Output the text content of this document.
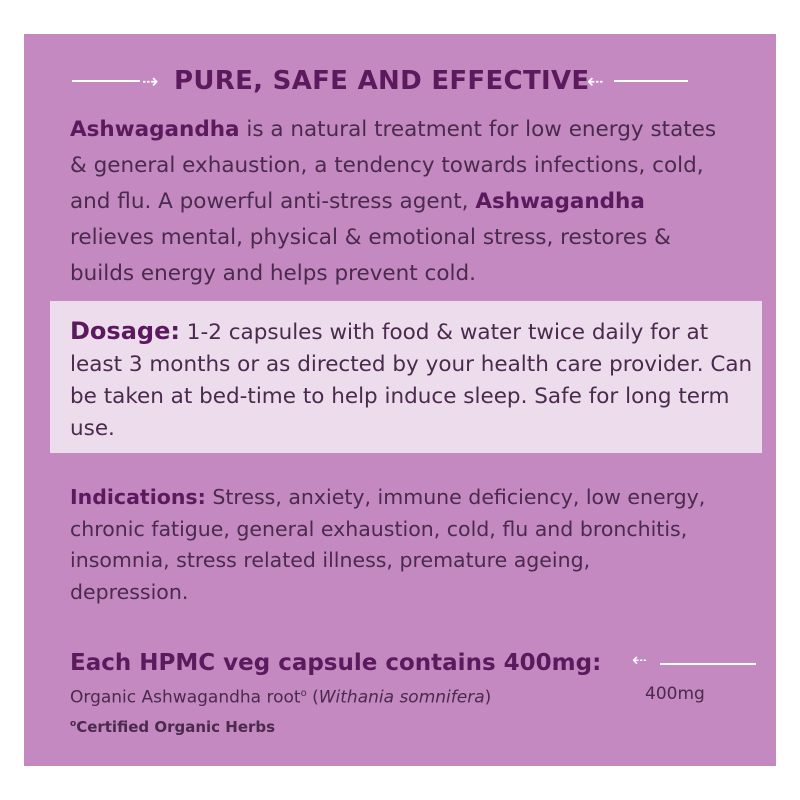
⇢ PURE, SAFE AND EFFECTIVE
⇠
Ashwagandha is a natural treatment for low energy states & general exhaustion, a tendency towards infections, cold, and flu. A powerful anti-stress agent, Ashwagandha relieves mental, physical & emotional stress, restores & builds energy and helps prevent cold.
Dosage: 1-2 capsules with food & water twice daily for at least 3 months or as directed by your health care provider. Can be taken at bed-time to help induce sleep. Safe for long term use.
Indications: Stress, anxiety, immune deficiency, low energy, chronic fatigue, general exhaustion, cold, flu and bronchitis, insomnia, stress related illness, premature ageing, depression.
Each HPMC veg capsule contains 400mg: ⇠
Organic Ashwagandha root$^o$ (Withania somnifera)	400mg
$^o$Certified Organic Herbs
